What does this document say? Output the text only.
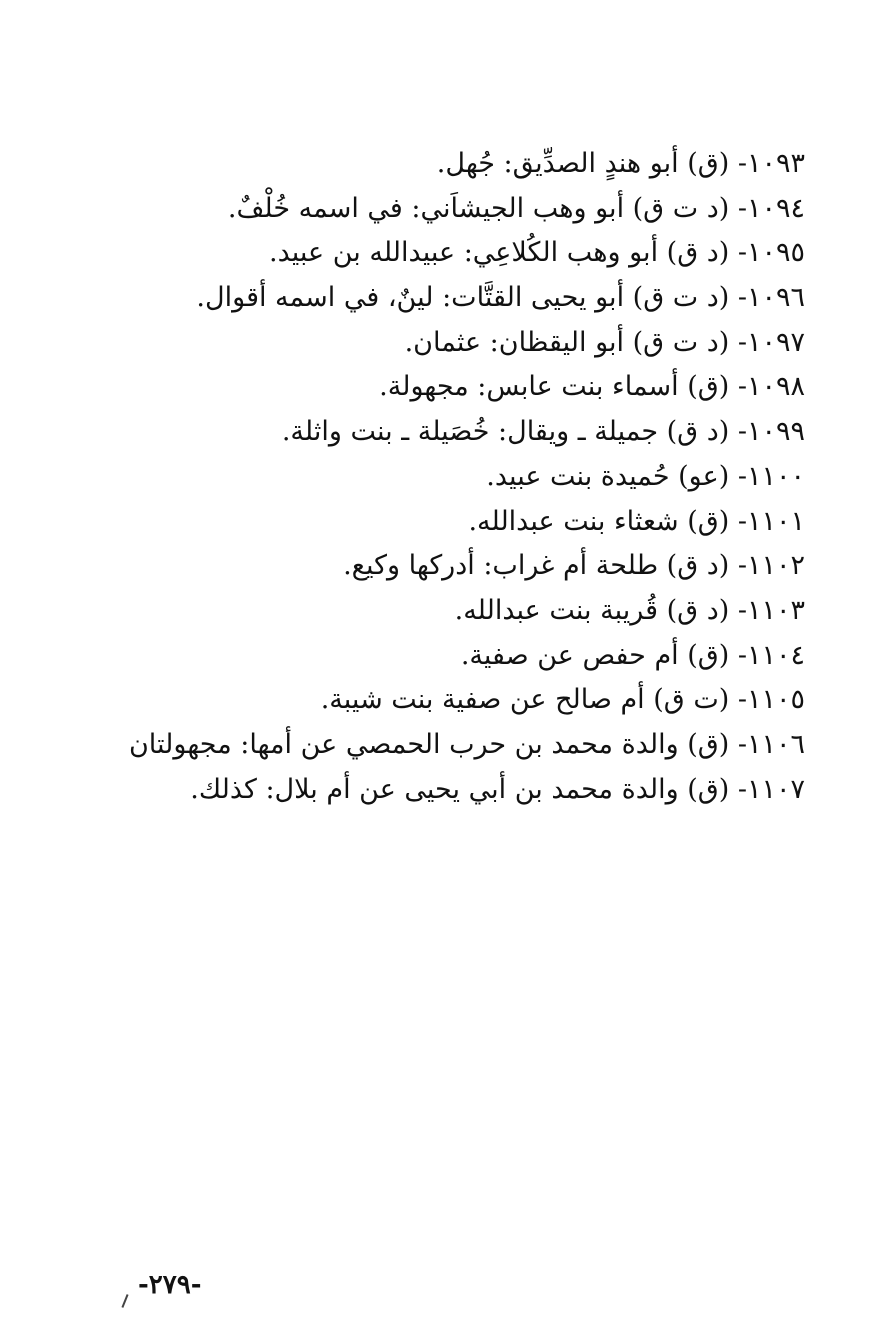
١٠٩٣- (ق) أبو هندٍ الصدِّيق: جُهل.
١٠٩٤- (د ت ق) أبو وهب الجيشاَني: في اسمه خُلْفٌ.
١٠٩٥- (د ق) أبو وهب الكُلاعِي: عبيدالله بن عبيد.
١٠٩٦- (د ت ق) أبو يحيى القتَّات: لينٌ، في اسمه أقوال.
١٠٩٧- (د ت ق) أبو اليقظان: عثمان.
١٠٩٨- (ق) أسماء بنت عابس: مجهولة.
١٠٩٩- (د ق) جميلة ـ ويقال: خُصَيلة ـ بنت واثلة.
١١٠٠- (عو) حُميدة بنت عبيد.
١١٠١- (ق) شعثاء بنت عبدالله.
١١٠٢- (د ق) طلحة أم غراب: أدركها وكيع.
١١٠٣- (د ق) قُريبة بنت عبدالله.
١١٠٤- (ق) أم حفص عن صفية.
١١٠٥- (ت ق) أم صالح عن صفية بنت شيبة.
١١٠٦- (ق) والدة محمد بن حرب الحمصي عن أمها: مجهولتان
١١٠٧- (ق) والدة محمد بن أبي يحيى عن أم بلال: كذلك.
-٢٧٩-
